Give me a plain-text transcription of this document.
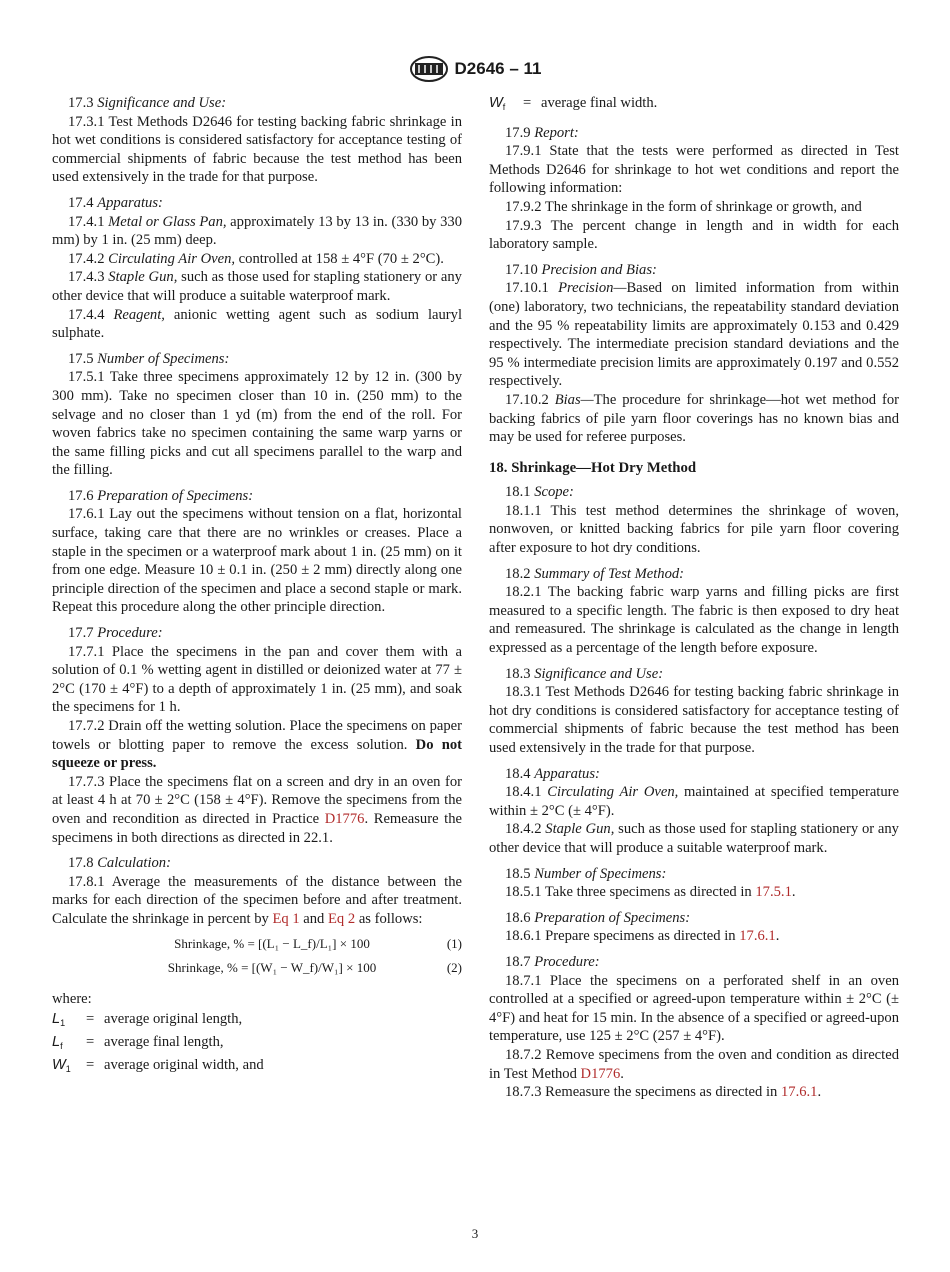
D2646 – 11

17.3 Significance and Use:

17.3.1 Test Methods D2646 for testing backing fabric shrinkage in hot wet conditions is considered satisfactory for acceptance testing of commercial shipments of fabric because the test method has been used extensively in the trade for that purpose.

17.4 Apparatus:

17.4.1 Metal or Glass Pan, approximately 13 by 13 in. (330 by 330 mm) by 1 in. (25 mm) deep.

17.4.2 Circulating Air Oven, controlled at 158 ± 4°F (70 ± 2°C).

17.4.3 Staple Gun, such as those used for stapling stationery or any other device that will produce a suitable waterproof mark.

17.4.4 Reagent, anionic wetting agent such as sodium lauryl sulphate.

17.5 Number of Specimens:

17.5.1 Take three specimens approximately 12 by 12 in. (300 by 300 mm). Take no specimen closer than 10 in. (250 mm) to the selvage and no closer than 1 yd (m) from the end of the roll. For woven fabrics take no specimen containing the same warp yarns or the same filling picks and cut all specimens parallel to the warp and the filling.

17.6 Preparation of Specimens:

17.6.1 Lay out the specimens without tension on a flat, horizontal surface, taking care that there are no wrinkles or creases. Place a staple in the specimen or a waterproof mark about 1 in. (25 mm) on it from one edge. Measure 10 ± 0.1 in. (250 ± 2 mm) directly along one principle direction of the specimen and place a second staple or mark. Repeat this procedure along the other principle direction.

17.7 Procedure:

17.7.1 Place the specimens in the pan and cover them with a solution of 0.1 % wetting agent in distilled or deionized water at 77 ± 2°C (170 ± 4°F) to a depth of approximately 1 in. (25 mm), and soak the specimens for 1 h.

17.7.2 Drain off the wetting solution. Place the specimens on paper towels or blotting paper to remove the excess solution. Do not squeeze or press.

17.7.3 Place the specimens flat on a screen and dry in an oven for at least 4 h at 70 ± 2°C (158 ± 4°F). Remove the specimens from the oven and recondition as directed in Practice D1776. Remeasure the specimens in both directions as directed in 22.1.

17.8 Calculation:

17.8.1 Average the measurements of the distance between the marks for each direction of the specimen before and after treatment. Calculate the shrinkage in percent by Eq 1 and Eq 2 as follows:

Shrinkage, % = [(L₁ − L_f)/L₁] × 100	(1)
Shrinkage, % = [(W₁ − W_f)/W₁] × 100	(2)

where:

$L_1$	= average original length,
$L_f$	= average final length,
$W_1$	= average original width, and
$W_f$	= average final width.

17.9 Report:

17.9.1 State that the tests were performed as directed in Test Methods D2646 for shrinkage to hot wet conditions and report the following information:

17.9.2 The shrinkage in the form of shrinkage or growth, and

17.9.3 The percent change in length and in width for each laboratory sample.

17.10 Precision and Bias:

17.10.1 Precision—Based on limited information from within (one) laboratory, two technicians, the repeatability standard deviation and the 95 % repeatability limits are approximately 0.153 and 0.429 respectively. The intermediate precision standard deviations and the 95 % intermediate precision limits are approximately 0.197 and 0.552 respectively.

17.10.2 Bias—The procedure for shrinkage—hot wet method for backing fabrics of pile yarn floor coverings has no known bias and may be used for referee purposes.

18. Shrinkage—Hot Dry Method

18.1 Scope:

18.1.1 This test method determines the shrinkage of woven, nonwoven, or knitted backing fabrics for pile yarn floor covering after exposure to hot dry conditions.

18.2 Summary of Test Method:

18.2.1 The backing fabric warp yarns and filling picks are first measured to a specific length. The fabric is then exposed to dry heat and remeasured. The shrinkage is calculated as the change in length expressed as a percentage of the length before exposure.

18.3 Significance and Use:

18.3.1 Test Methods D2646 for testing backing fabric shrinkage in hot dry conditions is considered satisfactory for acceptance testing of commercial shipments of fabric because the test method has been used extensively in the trade for that purpose.

18.4 Apparatus:

18.4.1 Circulating Air Oven, maintained at specified temperature within ± 2°C (± 4°F).

18.4.2 Staple Gun, such as those used for stapling stationery or any other device that will produce a suitable waterproof mark.

18.5 Number of Specimens:

18.5.1 Take three specimens as directed in 17.5.1.

18.6 Preparation of Specimens:

18.6.1 Prepare specimens as directed in 17.6.1.

18.7 Procedure:

18.7.1 Place the specimens on a perforated shelf in an oven controlled at a specified or agreed-upon temperature within ± 2°C (± 4°F) and heat for 15 min. In the absence of a specified or agreed-upon temperature, use 125 ± 2°C (257 ± 4°F).

18.7.2 Remove specimens from the oven and condition as directed in Test Method D1776.

18.7.3 Remeasure the specimens as directed in 17.6.1.

3
